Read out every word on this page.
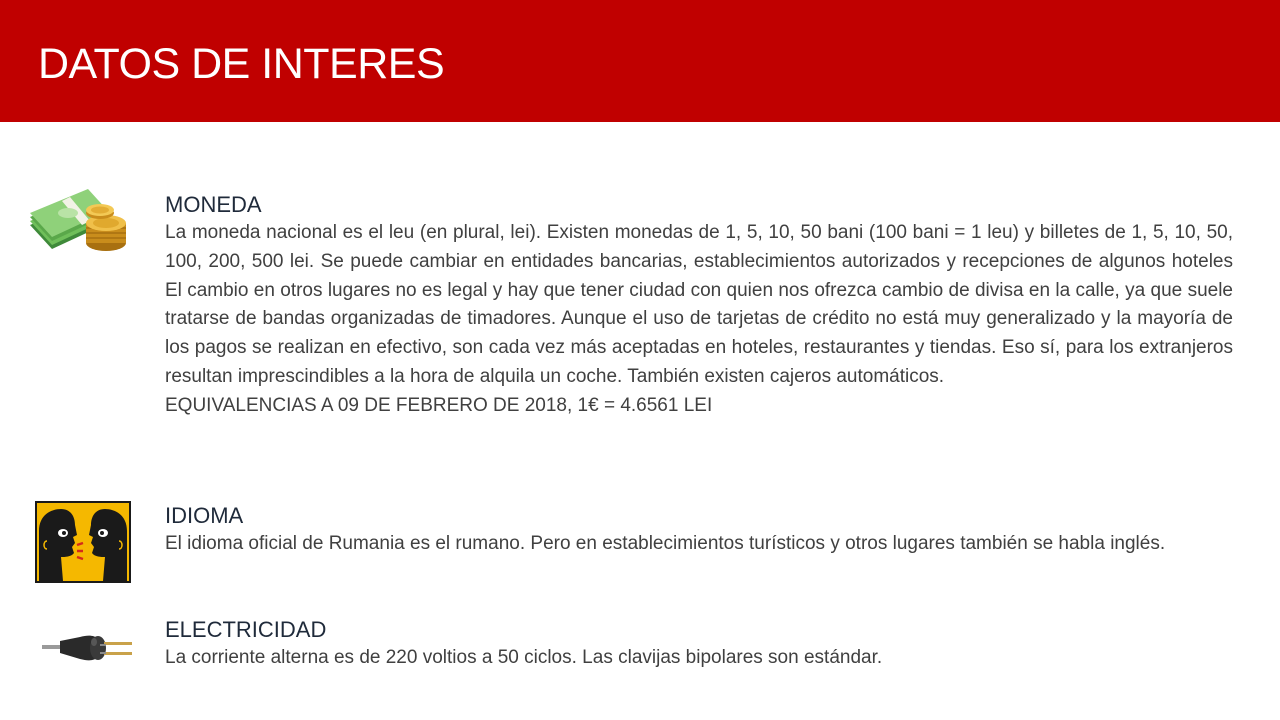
DATOS DE INTERES
MONEDA

La moneda nacional es el leu (en plural, lei). Existen monedas de 1, 5, 10, 50 bani (100 bani = 1 leu) y billetes de 1, 5, 10, 50, 100, 200, 500 lei. Se puede cambiar en entidades bancarias, establecimientos autorizados y recepciones de algunos hoteles El cambio en otros lugares no es legal y hay que tener ciudad con quien nos ofrezca cambio de divisa en la calle, ya que suele tratarse de bandas organizadas de timadores. Aunque el uso de tarjetas de crédito no está muy generalizado y la mayoría de los pagos se realizan en efectivo, son cada vez más aceptadas en hoteles, restaurantes y tiendas. Eso sí, para los extranjeros resultan imprescindibles a la hora de alquila un coche. También existen cajeros automáticos.

EQUIVALENCIAS A 09 DE FEBRERO DE 2018, 1€ = 4.6561 LEI
IDIOMA

El idioma oficial de Rumania es el rumano. Pero en establecimientos turísticos y otros lugares también se habla inglés.

ELECTRICIDAD

La corriente alterna es de 220 voltios a 50 ciclos. Las clavijas bipolares son estándar.
